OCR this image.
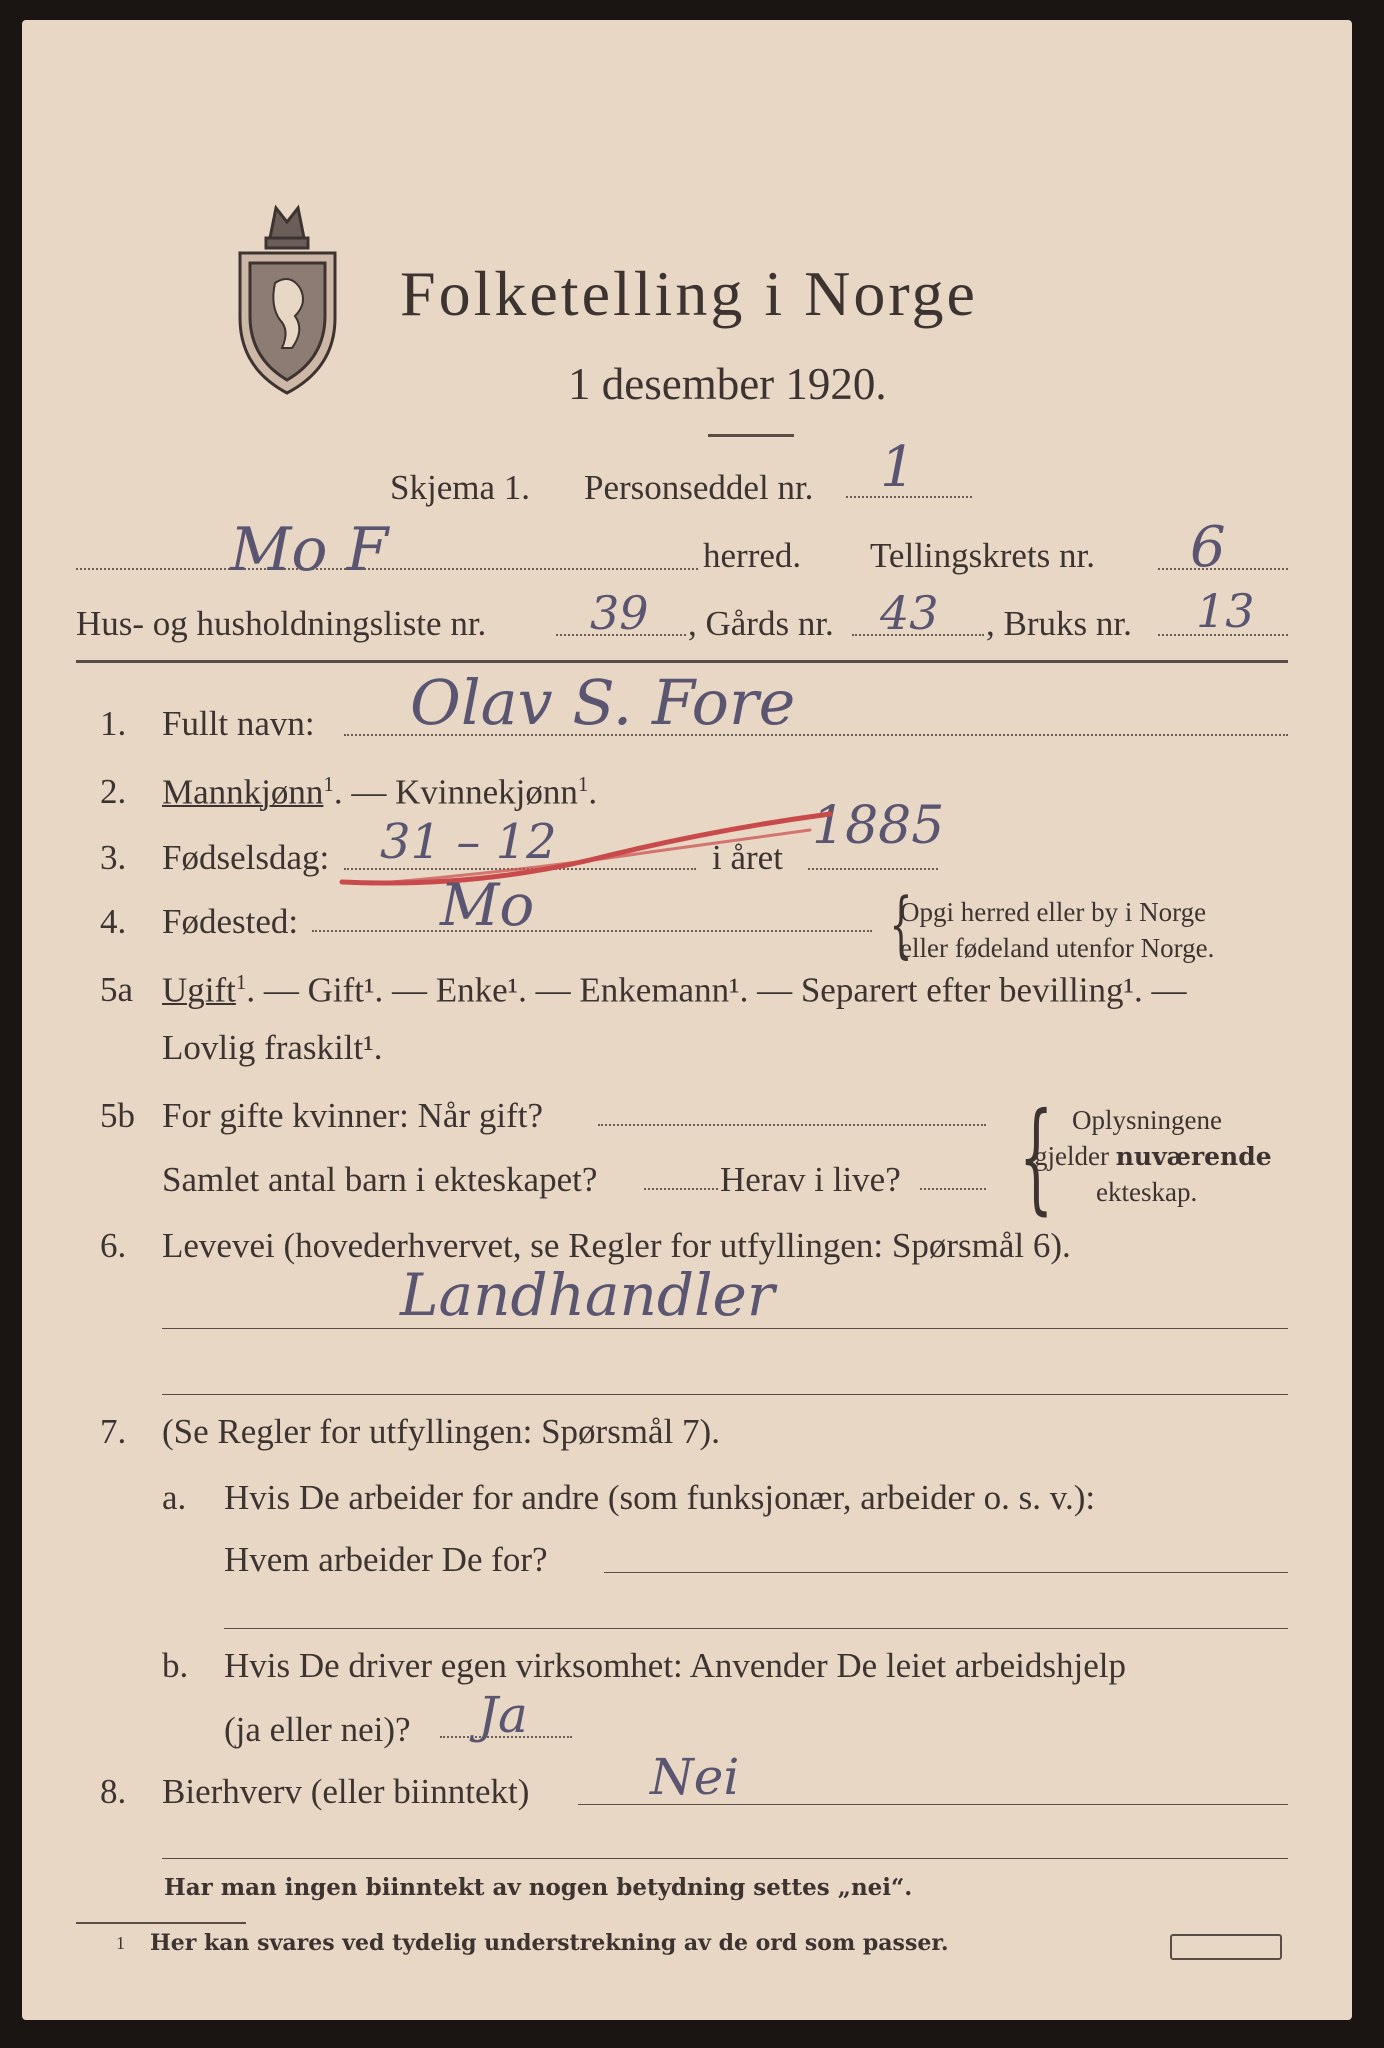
Folketelling i Norge
1 desember 1920.
Skjema 1. Personseddel nr. 1
Mo F	herred. Tellingskrets nr. 6
Hus- og husholdningsliste nr. 39 , Gårds nr. 43 , Bruks nr. 13
1. Fullt navn: Olav S. Fore
2. Mannkjønn$^1$. — Kvinnekjønn$^1$.
3. Fødselsdag: 31 – 12	i året
1885
4. Fødested: Mo	{
Opgi herred eller by i Norge
eller fødeland utenfor Norge.
5a Ugift$^1$. — Gift¹. — Enke¹. — Enkemann¹. — Separert efter bevilling¹. —
Lovlig fraskilt¹.
5b For gifte kvinner: Når gift?
Samlet antal barn i ekteskapet?	Herav i live? { Oplysningene
gjelder nuværende
ekteskap.
6. Levevei (hovederhvervet, se Regler for utfyllingen: Spørsmål 6).
Landhandler
7. (Se Regler for utfyllingen: Spørsmål 7).
a. Hvis De arbeider for andre (som funksjonær, arbeider o. s. v.):
Hvem arbeider De for?
b. Hvis De driver egen virksomhet: Anvender De leiet arbeidshjelp
(ja eller nei)? Ja
8. Bierhverv (eller biinntekt) Nei
Har man ingen biinntekt av nogen betydning settes „nei“.
1 Her kan svares ved tydelig understrekning av de ord som passer.
